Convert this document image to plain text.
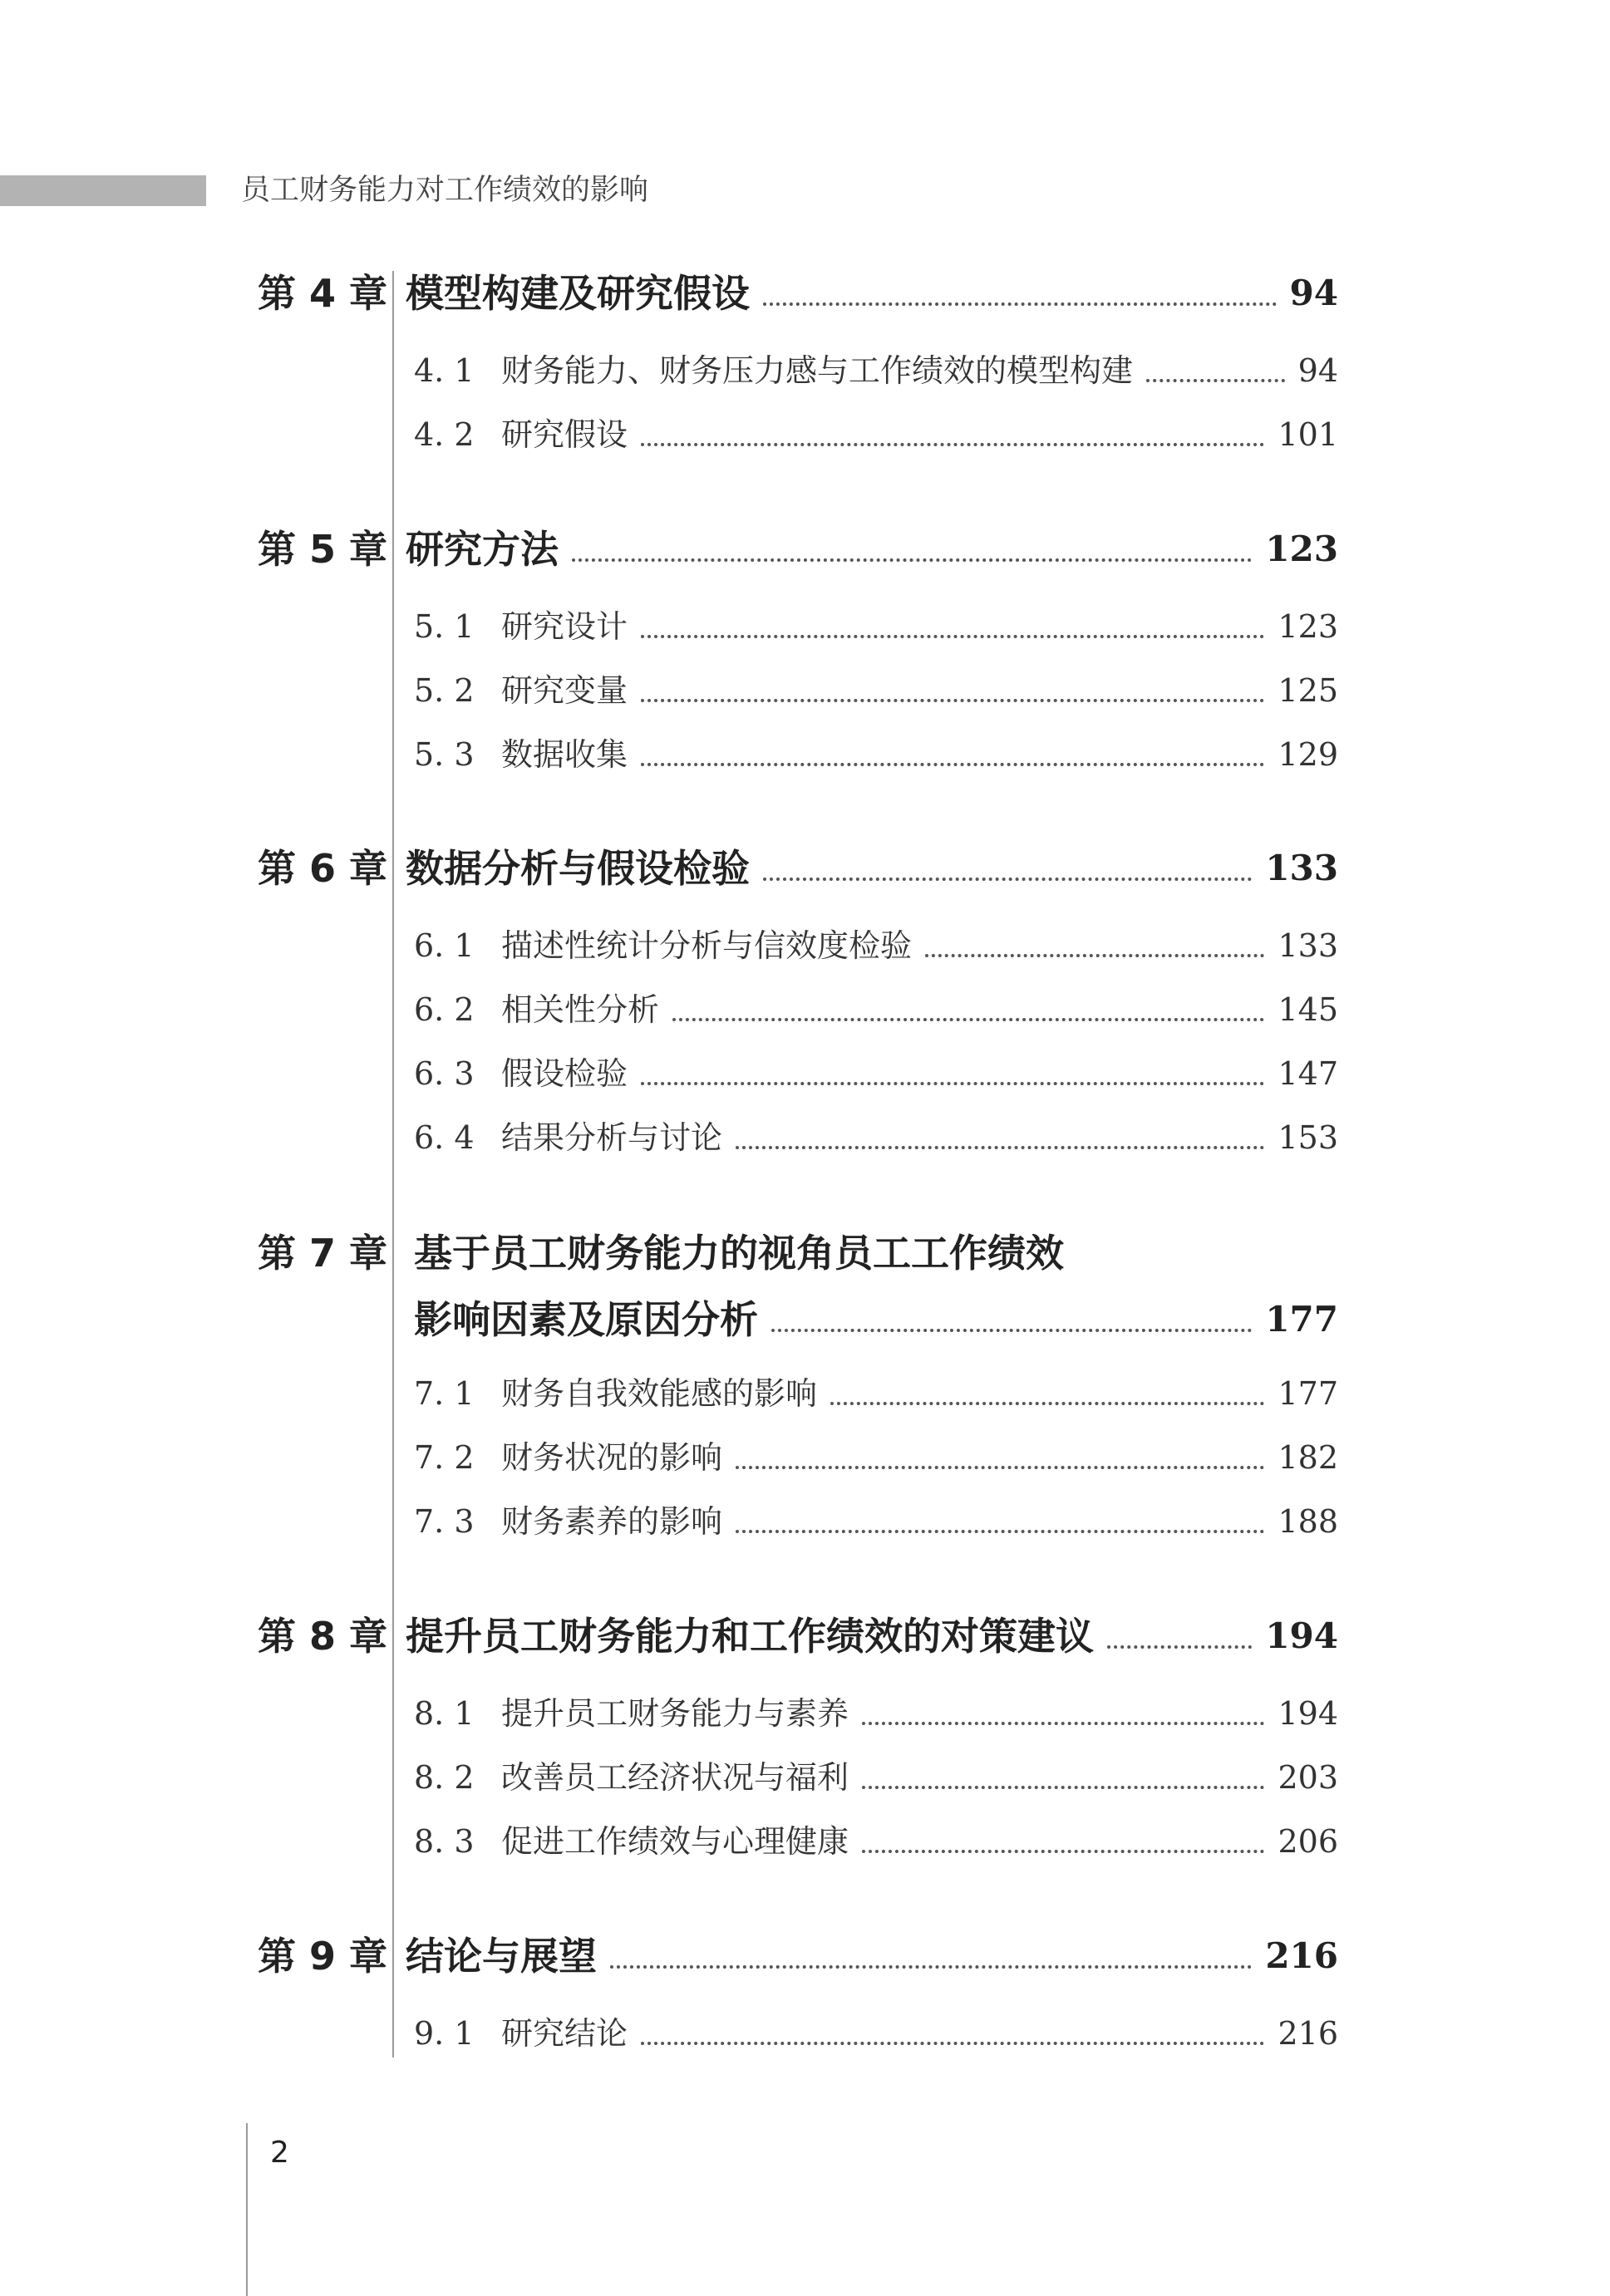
员工财务能力对工作绩效的影响
第 4 章 模型构建及研究假设	94
4. 1 财务能力、财务压力感与工作绩效的模型构建	94
4. 2 研究假设	101
第 5 章 研究方法	123
5. 1 研究设计	123
5. 2 研究变量	125
5. 3 数据收集	129
第 6 章 数据分析与假设检验	133
6. 1 描述性统计分析与信效度检验	133
6. 2 相关性分析	145
6. 3 假设检验	147
6. 4 结果分析与讨论	153
第 7 章 基于员工财务能力的视角员工工作绩效
影响因素及原因分析	177
7. 1 财务自我效能感的影响	177
7. 2 财务状况的影响	182
7. 3 财务素养的影响	188
第 8 章 提升员工财务能力和工作绩效的对策建议	194
8. 1 提升员工财务能力与素养	194
8. 2 改善员工经济状况与福利	203
8. 3 促进工作绩效与心理健康	206
第 9 章 结论与展望	216
9. 1 研究结论	216
2
